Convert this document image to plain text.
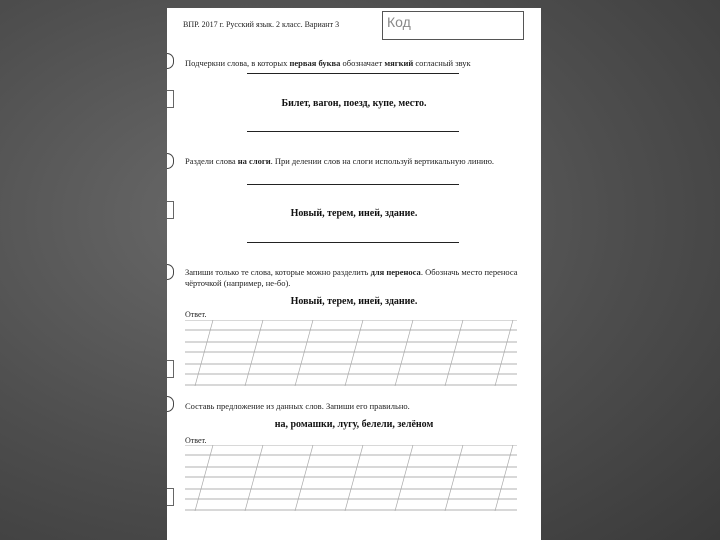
ВПР. 2017 г. Русский язык. 2 класс. Вариант 3	Код
Подчеркни слова, в которых первая буква обозначает мягкий согласный звук
Билет, вагон, поезд, купе, место.
Раздели слова на слоги. При делении слов на слоги используй вертикальную линию.
Новый, терем, иней, здание.
Запиши только те слова, которые можно разделить для переноса. Обозначь место переноса чёрточкой (например, не-бо).
Новый, терем, иней, здание.
Ответ.
Составь предложение из данных слов. Запиши его правильно.
на, ромашки, лугу, белели, зелёном
Ответ.
